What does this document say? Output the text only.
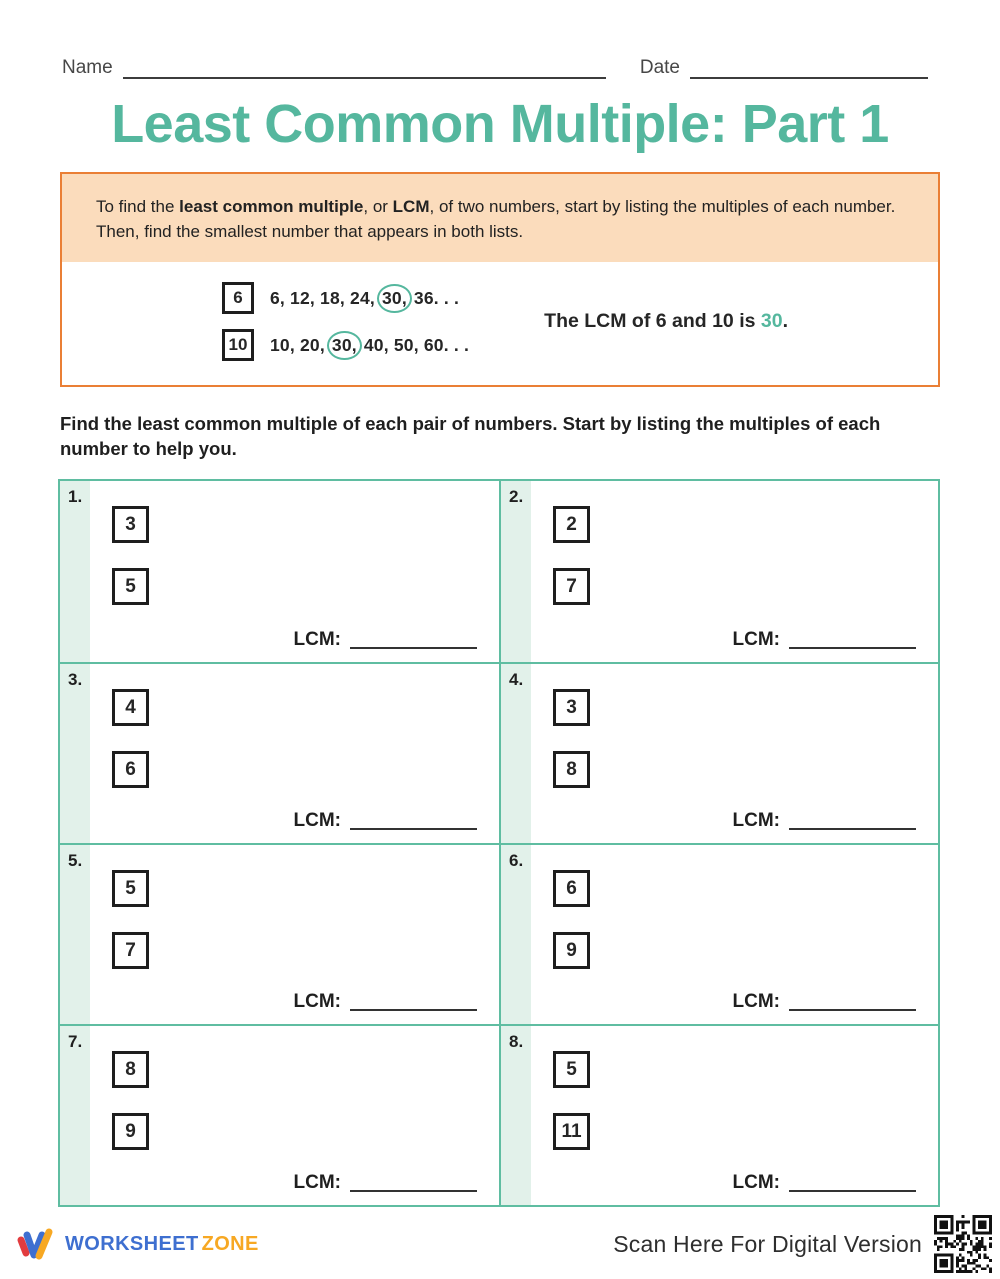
Name	Date
Least Common Multiple: Part 1
To find the least common multiple, or LCM, of two numbers, start by listing the multiples of each number. Then, find the smallest number that appears in both lists.
6	6, 12, 18, 24, 30, 36. . .
10	10, 20, 30, 40, 50, 60. . .
The LCM of 6 and 10 is 30.
Find the least common multiple of each pair of numbers. Start by listing the multiples of each number to help you.
1.
3
5
LCM:
2.
2
7
LCM:
3.
4
6
LCM:
4.
3
8
LCM:
5.
5
7
LCM:
6.
6
9
LCM:
7.
8
9
LCM:
8.
5
11
LCM:
WORKSHEET ZONE	Scan Here For Digital Version
